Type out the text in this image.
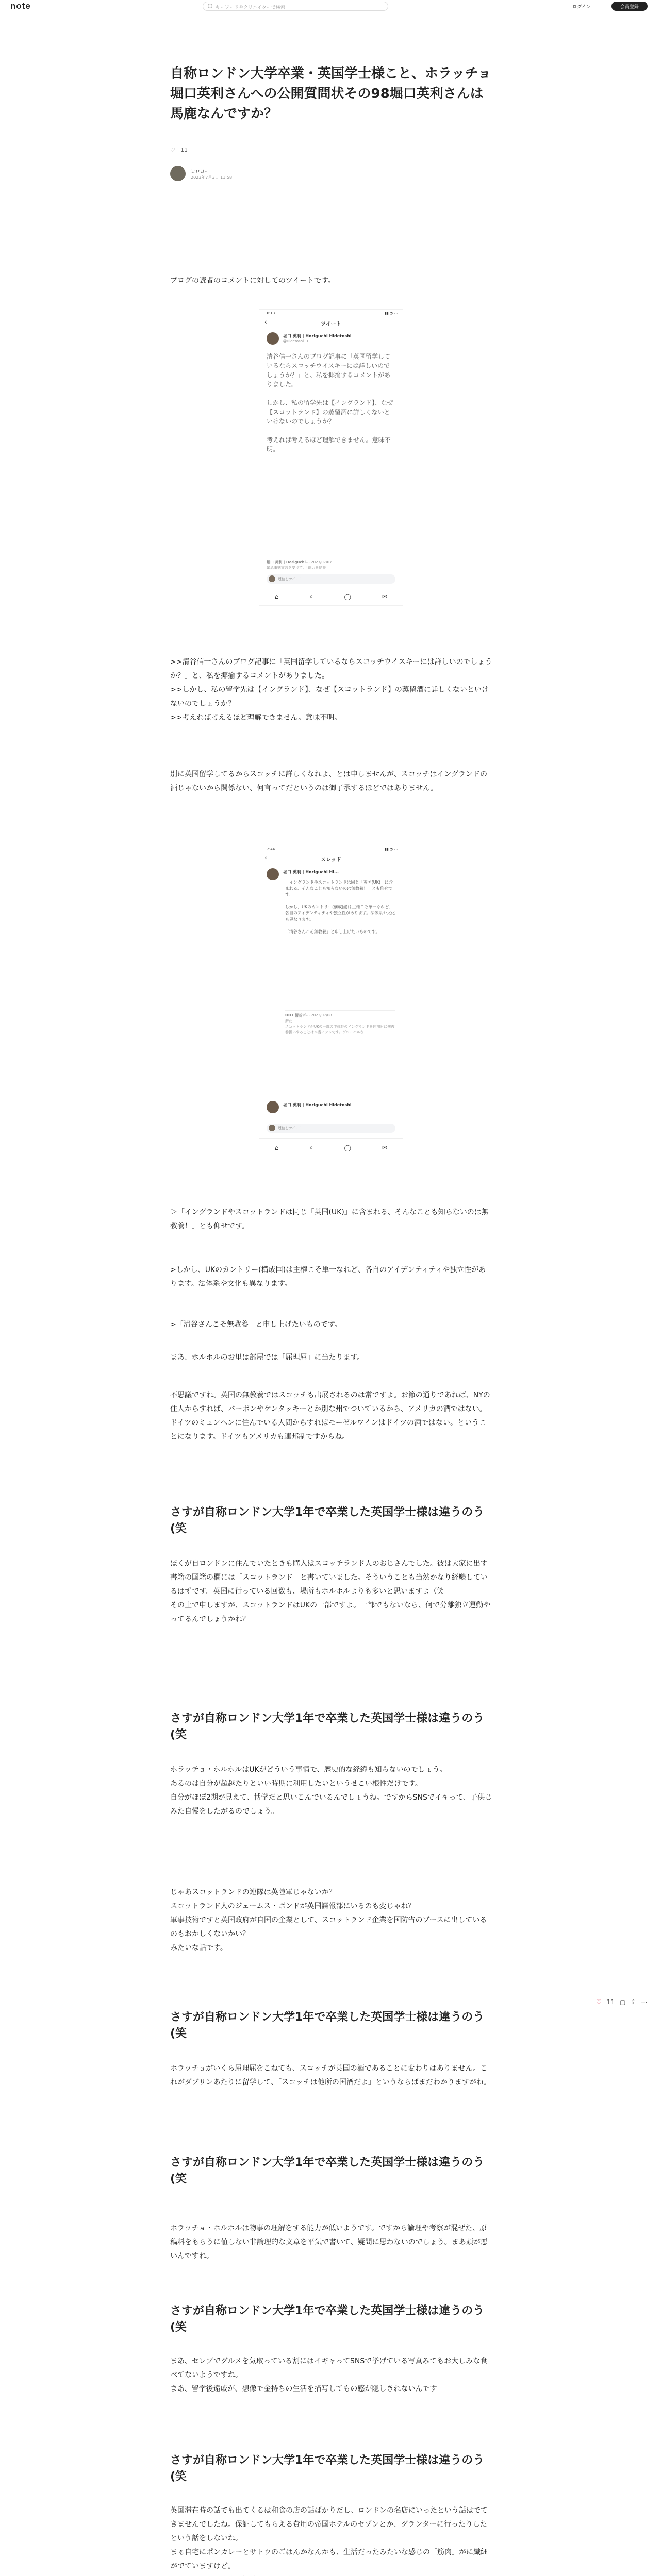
note	キーワードやクリエイターで検索	ログイン	会員登録
自称ロンドン大学卒業・英国学士様こと、ホラッチョ堀口英利さんへの公開質問状その98堀口英利さんは馬鹿なんですか？
♡ 11
ヨロヨー
2023年7月3日 11:58

ブログの読者のコメントに対してのツイートです。

16:13	▮▮ ◔ ▭
‹	ツイート
堀口 英利 | Horiguchi Hidetoshi
@Hidetoshi_H_
清谷信一さんのブログ記事に「英国留学しているならスコッチウイスキーには詳しいのでしょうか？」と、私を揶揄するコメントがありました。

しかし、私の留学先は【イングランド】、なぜ【スコットランド】の蒸留酒に詳しくないといけないのでしょうか？

考えれば考えるほど理解できません。意味不明。
堀口 英利 | Horiguchi... 2023/07/07
緊急事態宣言を受けて、「総力を結集
返信をツイート
⌂	⌕	◯	✉

>>清谷信一さんのブログ記事に「英国留学しているならスコッチウイスキーには詳しいのでしょうか？」と、私を揶揄するコメントがありました。
>>しかし、私の留学先は【イングランド】、なぜ【スコットランド】の蒸留酒に詳しくないといけないのでしょうか？
>>考えれば考えるほど理解できません。意味不明。

別に英国留学してるからスコッチに詳しくなれよ、とは申しませんが、スコッチはイングランドの酒じゃないから関係ない、何言ってだというのは御了承するほどではありません。

12:44	▮▮ ◔ ▭
‹	スレッド
堀口 英利 | Horiguchi Hi...
「イングランドやスコットランドは同じ「英国(UK)」に含まれる、そんなことも知らないのは無教養！」とも仰せです。

しかし、UKのカントリー(構成国)は主権こそ単一なれど、各自のアイデンティティや独立性があります。法体系や文化も異なります。

「清谷さんこそ無教養」と申し上げたいものです。
OOT 清谷ポ... 2023/07/08
所た...
スコットランドがUKの一部の主体性のイングランドを同前日に無教養扱いすることは本当にアレです。グローバルな...
堀口 英利 | Horiguchi Hidetoshi
返信をツイート
⌂	⌕	◯	✉

＞「イングランドやスコットランドは同じ「英国(UK)」に含まれる、そんなことも知らないのは無教養！」とも仰せです。

>しかし、UKのカントリー(構成国)は主権こそ単一なれど、各自のアイデンティティや独立性があります。法体系や文化も異なります。

>「清谷さんこそ無教養」と申し上げたいものです。

まあ、ホルホルのお里は部屋では「屈理屈」に当たります。

不思議ですね。英国の無教養ではスコッチも出展されるのは常ですよ。お節の通りであれば、NYの住人からすれば、バーボンやケンタッキーとか別な州でついているから、アメリカの酒ではない。ドイツのミュンヘンに住んでいる人間からすればモーゼルワインはドイツの酒ではない。ということになります。ドイツもアメリカも連邦制ですからね。

さすが自称ロンドン大学1年で卒業した英国学士様は違うのう(笑

ぼくが自ロンドンに住んでいたときも購入はスコッチランド人のおじさんでした。彼は大家に出す書籍の国籍の欄には「スコットランド」と書いていました。そういうことも当然かなり経験しているはずです。英国に行っている回数も、場所もホルホルよりも多いと思いますよ（笑
その上で申しますが、スコットランドはUKの一部ですよ。一部でもないなら、何で分離独立運動やってるんでしょうかね？

さすが自称ロンドン大学1年で卒業した英国学士様は違うのう(笑

ホラッチョ・ホルホルはUKがどういう事情で、歴史的な経緯も知らないのでしょう。
あるのは自分が超越たりといい時期に利用したいというせこい根性だけです。
自分がほぼ2期が見えて、博学だと思いこんでいるんでしょうね。ですからSNSでイキって、子供じみた自慢をしたがるのでしょう。

じゃあスコットランドの連隊は英陸軍じゃないか？
スコットランド人のジェームス・ボンドが英国諜報部にいるのも変じゃね？
軍事技術ですと英国政府が自国の企業として、スコットランド企業を国防省のブースに出しているのもおかしくないかい？
みたいな話です。

♡ 11 ▢ ⇪ ⋯
さすが自称ロンドン大学1年で卒業した英国学士様は違うのう(笑

ホラッチョがいくら屈理屈をこねても、スコッチが英国の酒であることに変わりはありません。これがダブリンあたりに留学して、「スコッチは他所の国酒だよ」というならばまだわかりますがね。

さすが自称ロンドン大学1年で卒業した英国学士様は違うのう(笑

ホラッチョ・ホルホルは物事の理解をする能力が低いようです。ですから論理や考察が混ぜた、原稿料をもらうに値しない非論理的な文章を平気で書いて、疑問に思わないのでしょう。まあ頭が悪いんですね。

さすが自称ロンドン大学1年で卒業した英国学士様は違うのう(笑

まあ、セレブでグルメを気取っている割にはイギャってSNSで挙げている写真みてもお大しみな食べてないようですね。
まあ、留学後遠戚が、想像で金持ちの生活を描写してもの感が隠しきれないんです

さすが自称ロンドン大学1年で卒業した英国学士様は違うのう(笑

英国滞在時の話でも出てくるは和食の店の話ばかりだし、ロンドンの名店にいったという話はでてきませんでしたね。保証してもらえる費用の帝国ホテルのセゾンとか、グランターに行ったりしたという話をしないね。
まぁ自宅にポンカレーとサトウのごはんかなんかも、生活だったみたいな感じの「筋肉」がに繊細がでていますけど。
